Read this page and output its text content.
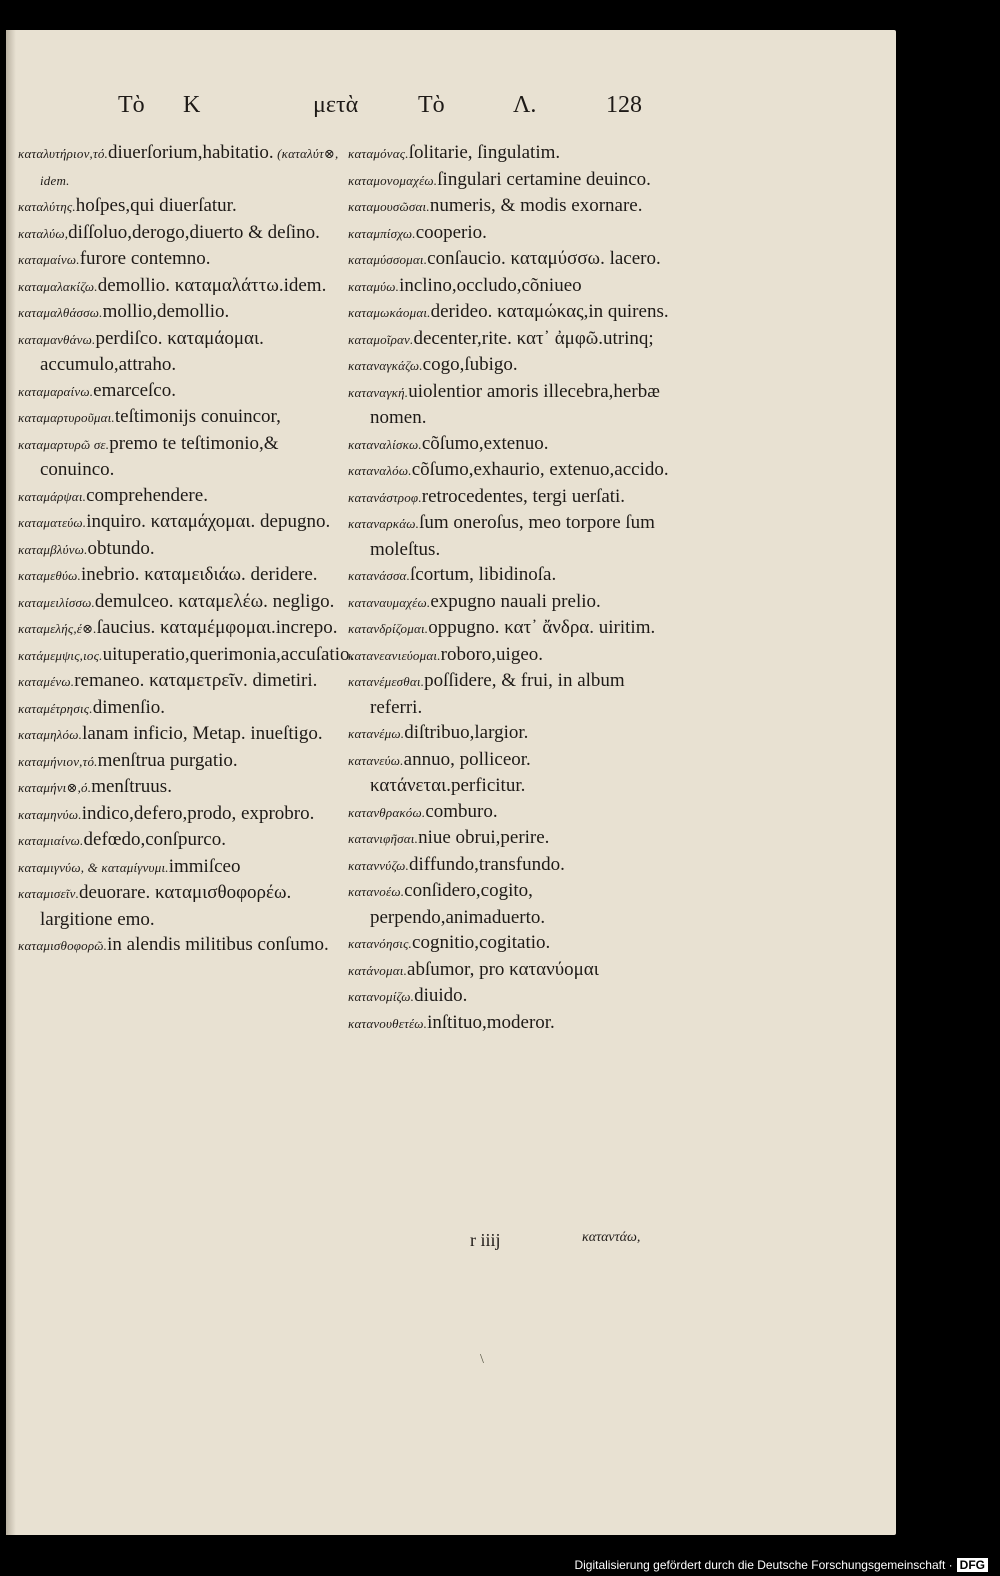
Τὸ Κ	μετὰ Τὸ	Λ.	128

καταλυτήριον,τό.diuerſorium,habitatio. (καταλύτ⊗, idem.

καταλύτης.hoſpes,qui diuerſatur.

καταλύω,diſſoluo,derogo,diuerto & deſino.

καταμαίνω.furore contemno.

καταμαλακίζω.demollio. καταμαλάττω.idem.

καταμαλθάσσω.mollio,demollio.

καταμανθάνω.perdiſco. καταμάομαι. accumulo,attraho.

καταμαραίνω.emarceſco.

καταμαρτυροῦμαι.teſtimonijs conuincor,

καταμαρτυρῶ σε.premo te teſtimonio,& conuinco.

καταμάρψαι.comprehendere.

καταματεύω.inquiro. καταμάχομαι. depugno.

καταμβλύνω.obtundo.

καταμεθύω.inebrio. καταμειδιάω. deridere.

καταμειλίσσω.demulceo. καταμελέω. negligo.

καταμελής,έ⊗.ſaucius. καταμέμφομαι.increpo.

κατάμεμψις,ιος.uituperatio,querimonia,accuſatio.

καταμένω.remaneo. καταμετρεῖν. dimetiri.

καταμέτρησις.dimenſio.

καταμηλόω.lanam inficio, Metap. inueſtigo.

καταμήνιον,τό.menſtrua purgatio.

καταμήνι⊗,ό.menſtruus.

καταμηνύω.indico,defero,prodo, exprobro.

καταμιαίνω.defœdo,conſpurco.

καταμιγνύω, & καταμίγνυμι.immiſceo

καταμισεῖν.deuorare. καταμισθοφορέω. largitione emo.

καταμισθοφορῶ.in alendis militibus conſumo.

καταμόνας.ſolitarie, ſingulatim.

καταμονομαχέω.ſingulari certamine deuinco.

καταμουσῶσαι.numeris, & modis exornare.

καταμπίσχω.cooperio.

καταμύσσομαι.conſaucio. καταμύσσω. lacero.

καταμύω.inclino,occludo,cõniueo

καταμωκάομαι.derideo. καταμώκας,in quirens.

καταμοῖραν.decenter,rite. κατ᾽ ἀμφῶ.utrinq;

καταναγκάζω.cogo,ſubigo.

καταναγκή.uiolentior amoris illecebra,herbæ nomen.

καταναλίσκω.cõſumo,extenuo.

καταναλόω.cõſumo,exhaurio, extenuo,accido.

κατανάστροφ.retrocedentes, tergi uerſati.

καταναρκάω.ſum oneroſus, meo torpore ſum moleſtus.

κατανάσσα.ſcortum, libidinoſa.

καταναυμαχέω.expugno nauali prelio.

κατανδρίζομαι.oppugno. κατ᾽ ἄνδρα. uiritim.

κατανεανιεύομαι.roboro,uigeo.

κατανέμεσθαι.poſſidere, & frui, in album referri.

κατανέμω.diſtribuo,largior.

κατανεύω.annuo, polliceor. κατάνεται.perficitur.

κατανθρακόω.comburo.

κατανιφῆσαι.niue obrui,perire.

καταννύζω.diffundo,transfundo.

κατανοέω.conſidero,cogito, perpendo,animaduerto.

κατανόησις.cognitio,cogitatio.

κατάνομαι.abſumor, pro κατανύομαι

κατανομίζω.diuido.

κατανουθετέω.inſtituo,moderor.

r iiij	καταντάω,
\
Digitalisierung gefördert durch die Deutsche Forschungsgemeinschaft · DFG
